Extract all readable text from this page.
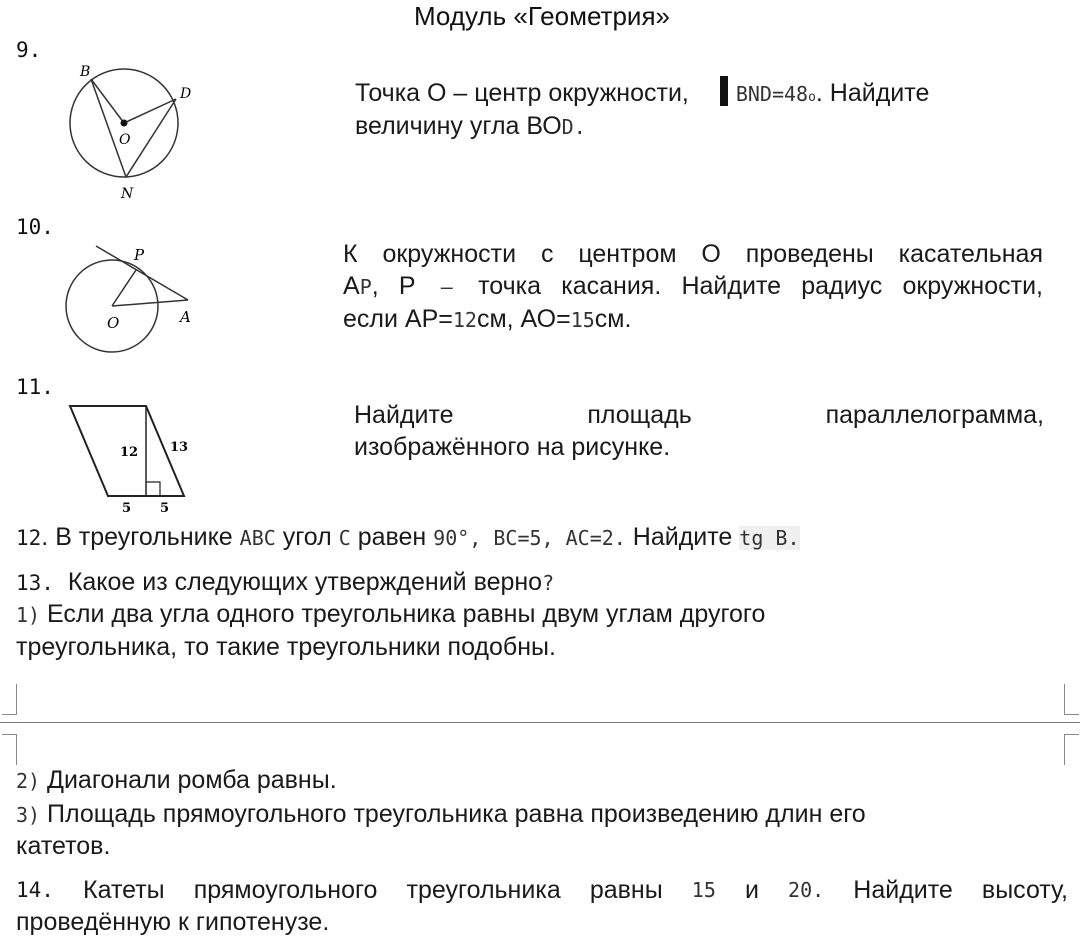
Модуль «Геометрия»
9.
B
D
O
N
Точка О – центр окружности, BND=48o. Найдите
величину угла ВОD.
10.
P
O	A
К окружности с центром О проведены касательная
АP, Р – точка касания. Найдите радиус окружности,
если АР=12см, АО=15см.
11.
12 13
5 5
Найдите	площадь	параллелограмма,
изображённого на рисунке.
12. В треугольнике ABC угол C равен 90°, BC=5, AC=2. Найдите tg B.
13. Какое из следующих утверждений верно?
1) Если два угла одного треугольника равны двум углам другого
треугольника, то такие треугольники подобны.
2) Диагонали ромба равны.
3) Площадь прямоугольного треугольника равна произведению длин его
катетов.
14. Катеты прямоугольного треугольника равны 15 и 20. Найдите высоту,
проведённую к гипотенузе.
